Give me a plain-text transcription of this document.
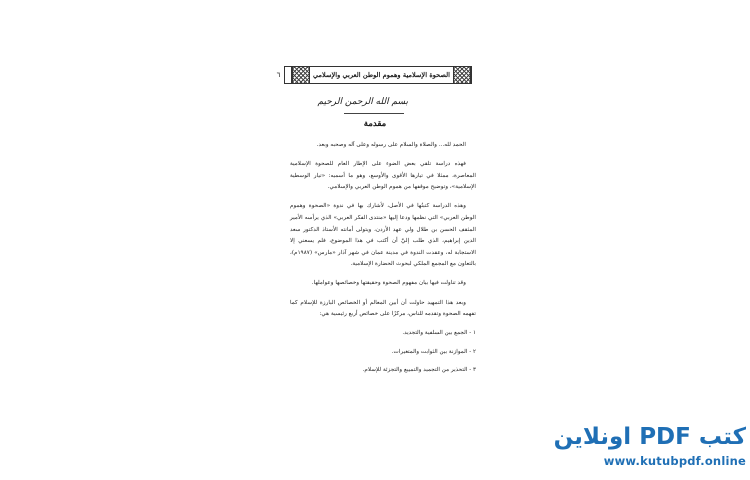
الصحوة الإسلامية وهموم الوطن العربي والإسلامي
٦
بسم الله الرحمن الرحيم
مقدمة

الحمد لله... والصلاة والسلام على رسوله وعلى آله وصحبه وبعد.

فهذه دراسة تلقي بعض الضوء على الإطار العام للصحوة الإسلامية المعاصرة، ممثلا في تيارها الأقوى والأوسع، وهو ما أسميه: «تيار الوسطية الإسلامية»، وتوضيح موقفها من هموم الوطن العربي والإسلامي.

وهذه الدراسة كتبتُها في الأصل، لأشارك بها في ندوة «الصحوة وهموم الوطن العربي» التي نظمها ودعا إليها «منتدى الفكر العربي» الذي يرأسه الأمير المثقف الحسن بن طلال ولي عهد الأردن، ويتولى أمانته الأستاذ الدكتور سعد الدين إبراهيم، الذي طلب إليَّ أن أكتب في هذا الموضوع، فلم يسعني إلا الاستجابة له، وعقدت الندوة في مدينة عمان في شهر آذار «مارس» (١٩٨٧م)، بالتعاون مع المجمع الملكي لبحوث الحضارة الإسلامية.

وقد تناولت فيها بيان مفهوم الصحوة وحقيقتها وخصائصها وعواملها.

وبعد هذا التمهيد حاولت أن أبين المعالم أو الخصائص البارزة للإسلام كما تفهمه الصحوة وتقدمه للناس، مركزًا على خصائص أربع رئيسية هي:

١ - الجمع بين السلفية والتجديد.

٢ - الموازنة بين الثوابت والمتغيرات.

٣ - التحذير من التجميد والتمييع والتجزئة للإسلام.

كتب PDF اونلاين
www.kutubpdf.online
